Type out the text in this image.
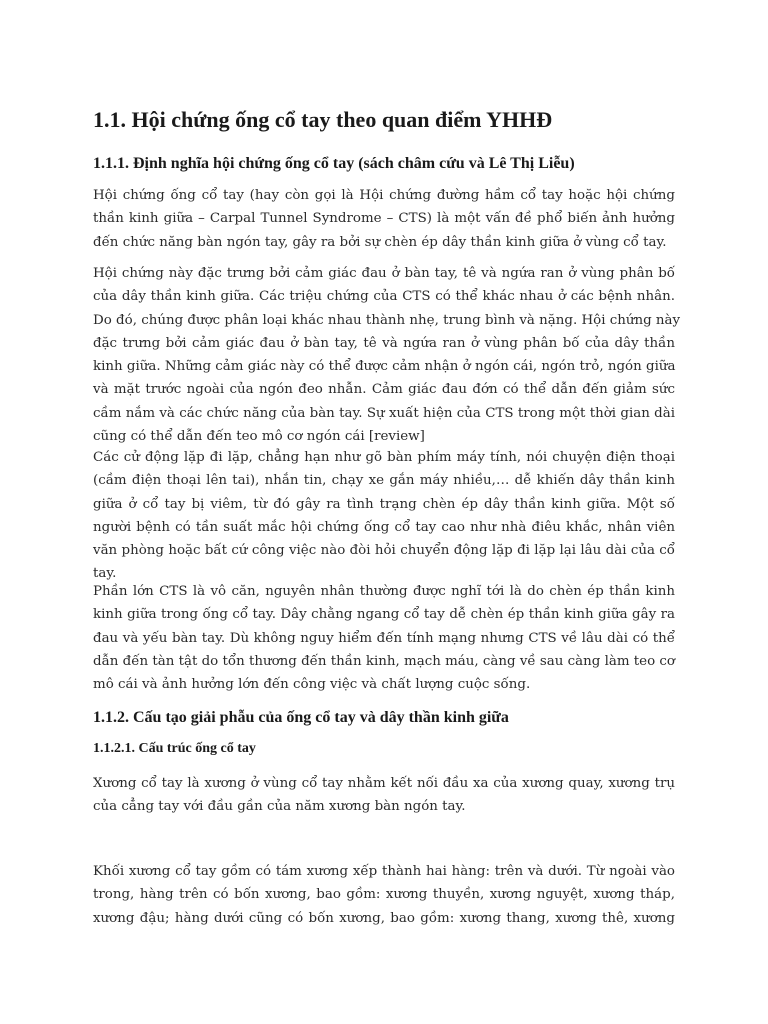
1.1. Hội chứng ống cổ tay theo quan điểm YHHĐ
1.1.1. Định nghĩa hội chứng ống cổ tay (sách châm cứu và Lê Thị Liễu)
Hội chứng ống cổ tay (hay còn gọi là Hội chứng đường hầm cổ tay hoặc hội chứng
thần kinh giữa – Carpal Tunnel Syndrome – CTS) là một vấn đề phổ biến ảnh hưởng
đến chức năng bàn ngón tay, gây ra bởi sự chèn ép dây thần kinh giữa ở vùng cổ tay.
Hội chứng này đặc trưng bởi cảm giác đau ở bàn tay, tê và ngứa ran ở vùng phân bố
của dây thần kinh giữa. Các triệu chứng của CTS có thể khác nhau ở các bệnh nhân.
Do đó, chúng được phân loại khác nhau thành nhẹ, trung bình và nặng. Hội chứng này
đặc trưng bởi cảm giác đau ở bàn tay, tê và ngứa ran ở vùng phân bố của dây thần
kinh giữa. Những cảm giác này có thể được cảm nhận ở ngón cái, ngón trỏ, ngón giữa
và mặt trước ngoài của ngón đeo nhẫn. Cảm giác đau đớn có thể dẫn đến giảm sức
cầm nắm và các chức năng của bàn tay. Sự xuất hiện của CTS trong một thời gian dài
cũng có thể dẫn đến teo mô cơ ngón cái [review]
Các cử động lặp đi lặp, chẳng hạn như gõ bàn phím máy tính, nói chuyện điện thoại
(cầm điện thoại lên tai), nhắn tin, chạy xe gắn máy nhiều,… dễ khiến dây thần kinh
giữa ở cổ tay bị viêm, từ đó gây ra tình trạng chèn ép dây thần kinh giữa. Một số
người bệnh có tần suất mắc hội chứng ống cổ tay cao như nhà điêu khắc, nhân viên
văn phòng hoặc bất cứ công việc nào đòi hỏi chuyển động lặp đi lặp lại lâu dài của cổ
tay.
Phần lớn CTS là vô căn, nguyên nhân thường được nghĩ tới là do chèn ép thần kinh
kinh giữa trong ống cổ tay. Dây chằng ngang cổ tay dễ chèn ép thần kinh giữa gây ra
đau và yếu bàn tay. Dù không nguy hiểm đến tính mạng nhưng CTS về lâu dài có thể
dẫn đến tàn tật do tổn thương đến thần kinh, mạch máu, càng về sau càng làm teo cơ
mô cái và ảnh hưởng lớn đến công việc và chất lượng cuộc sống.
1.1.2. Cấu tạo giải phẫu của ống cổ tay và dây thần kinh giữa
1.1.2.1. Cấu trúc ống cổ tay
Xương cổ tay là xương ở vùng cổ tay nhằm kết nối đầu xa của xương quay, xương trụ
của cẳng tay với đầu gần của năm xương bàn ngón tay.
Khối xương cổ tay gồm có tám xương xếp thành hai hàng: trên và dưới. Từ ngoài vào
trong, hàng trên có bốn xương, bao gồm: xương thuyền, xương nguyệt, xương tháp,
xương đậu; hàng dưới cũng có bốn xương, bao gồm: xương thang, xương thê, xương
